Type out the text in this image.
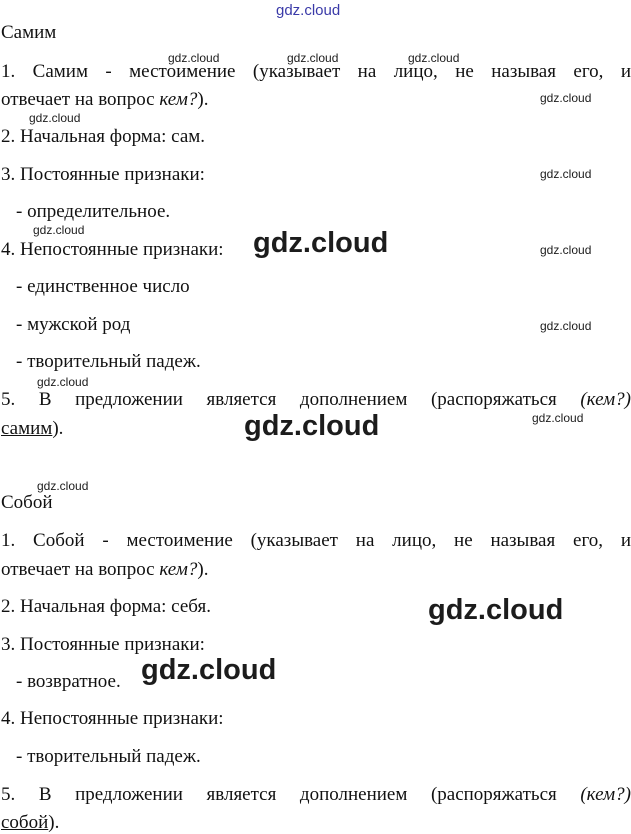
gdz.cloud
Самим
1. Самим - местоимение (указывает на лицо, не называя его, и
отвечает на вопрос кем?).
2. Начальная форма: сам.
3. Постоянные признаки:
- определительное.
4. Непостоянные признаки:
- единственное число
- мужской род
- творительный падеж.
5. В предложении является дополнением (распоряжаться (кем?)
самим).
Собой
1. Собой - местоимение (указывает на лицо, не называя его, и
отвечает на вопрос кем?).
2. Начальная форма: себя.
3. Постоянные признаки:
- возвратное.
4. Непостоянные признаки:
- творительный падеж.
5. В предложении является дополнением (распоряжаться (кем?)
собой).
gdz.cloud	gdz.cloud	gdz.cloud
gdz.cloud
gdz.cloud
gdz.cloud
gdz.cloud	gdz.cloud	gdz.cloud
gdz.cloud
gdz.cloud
gdz.cloud	gdz.cloud
gdz.cloud
gdz.cloud
gdz.cloud
